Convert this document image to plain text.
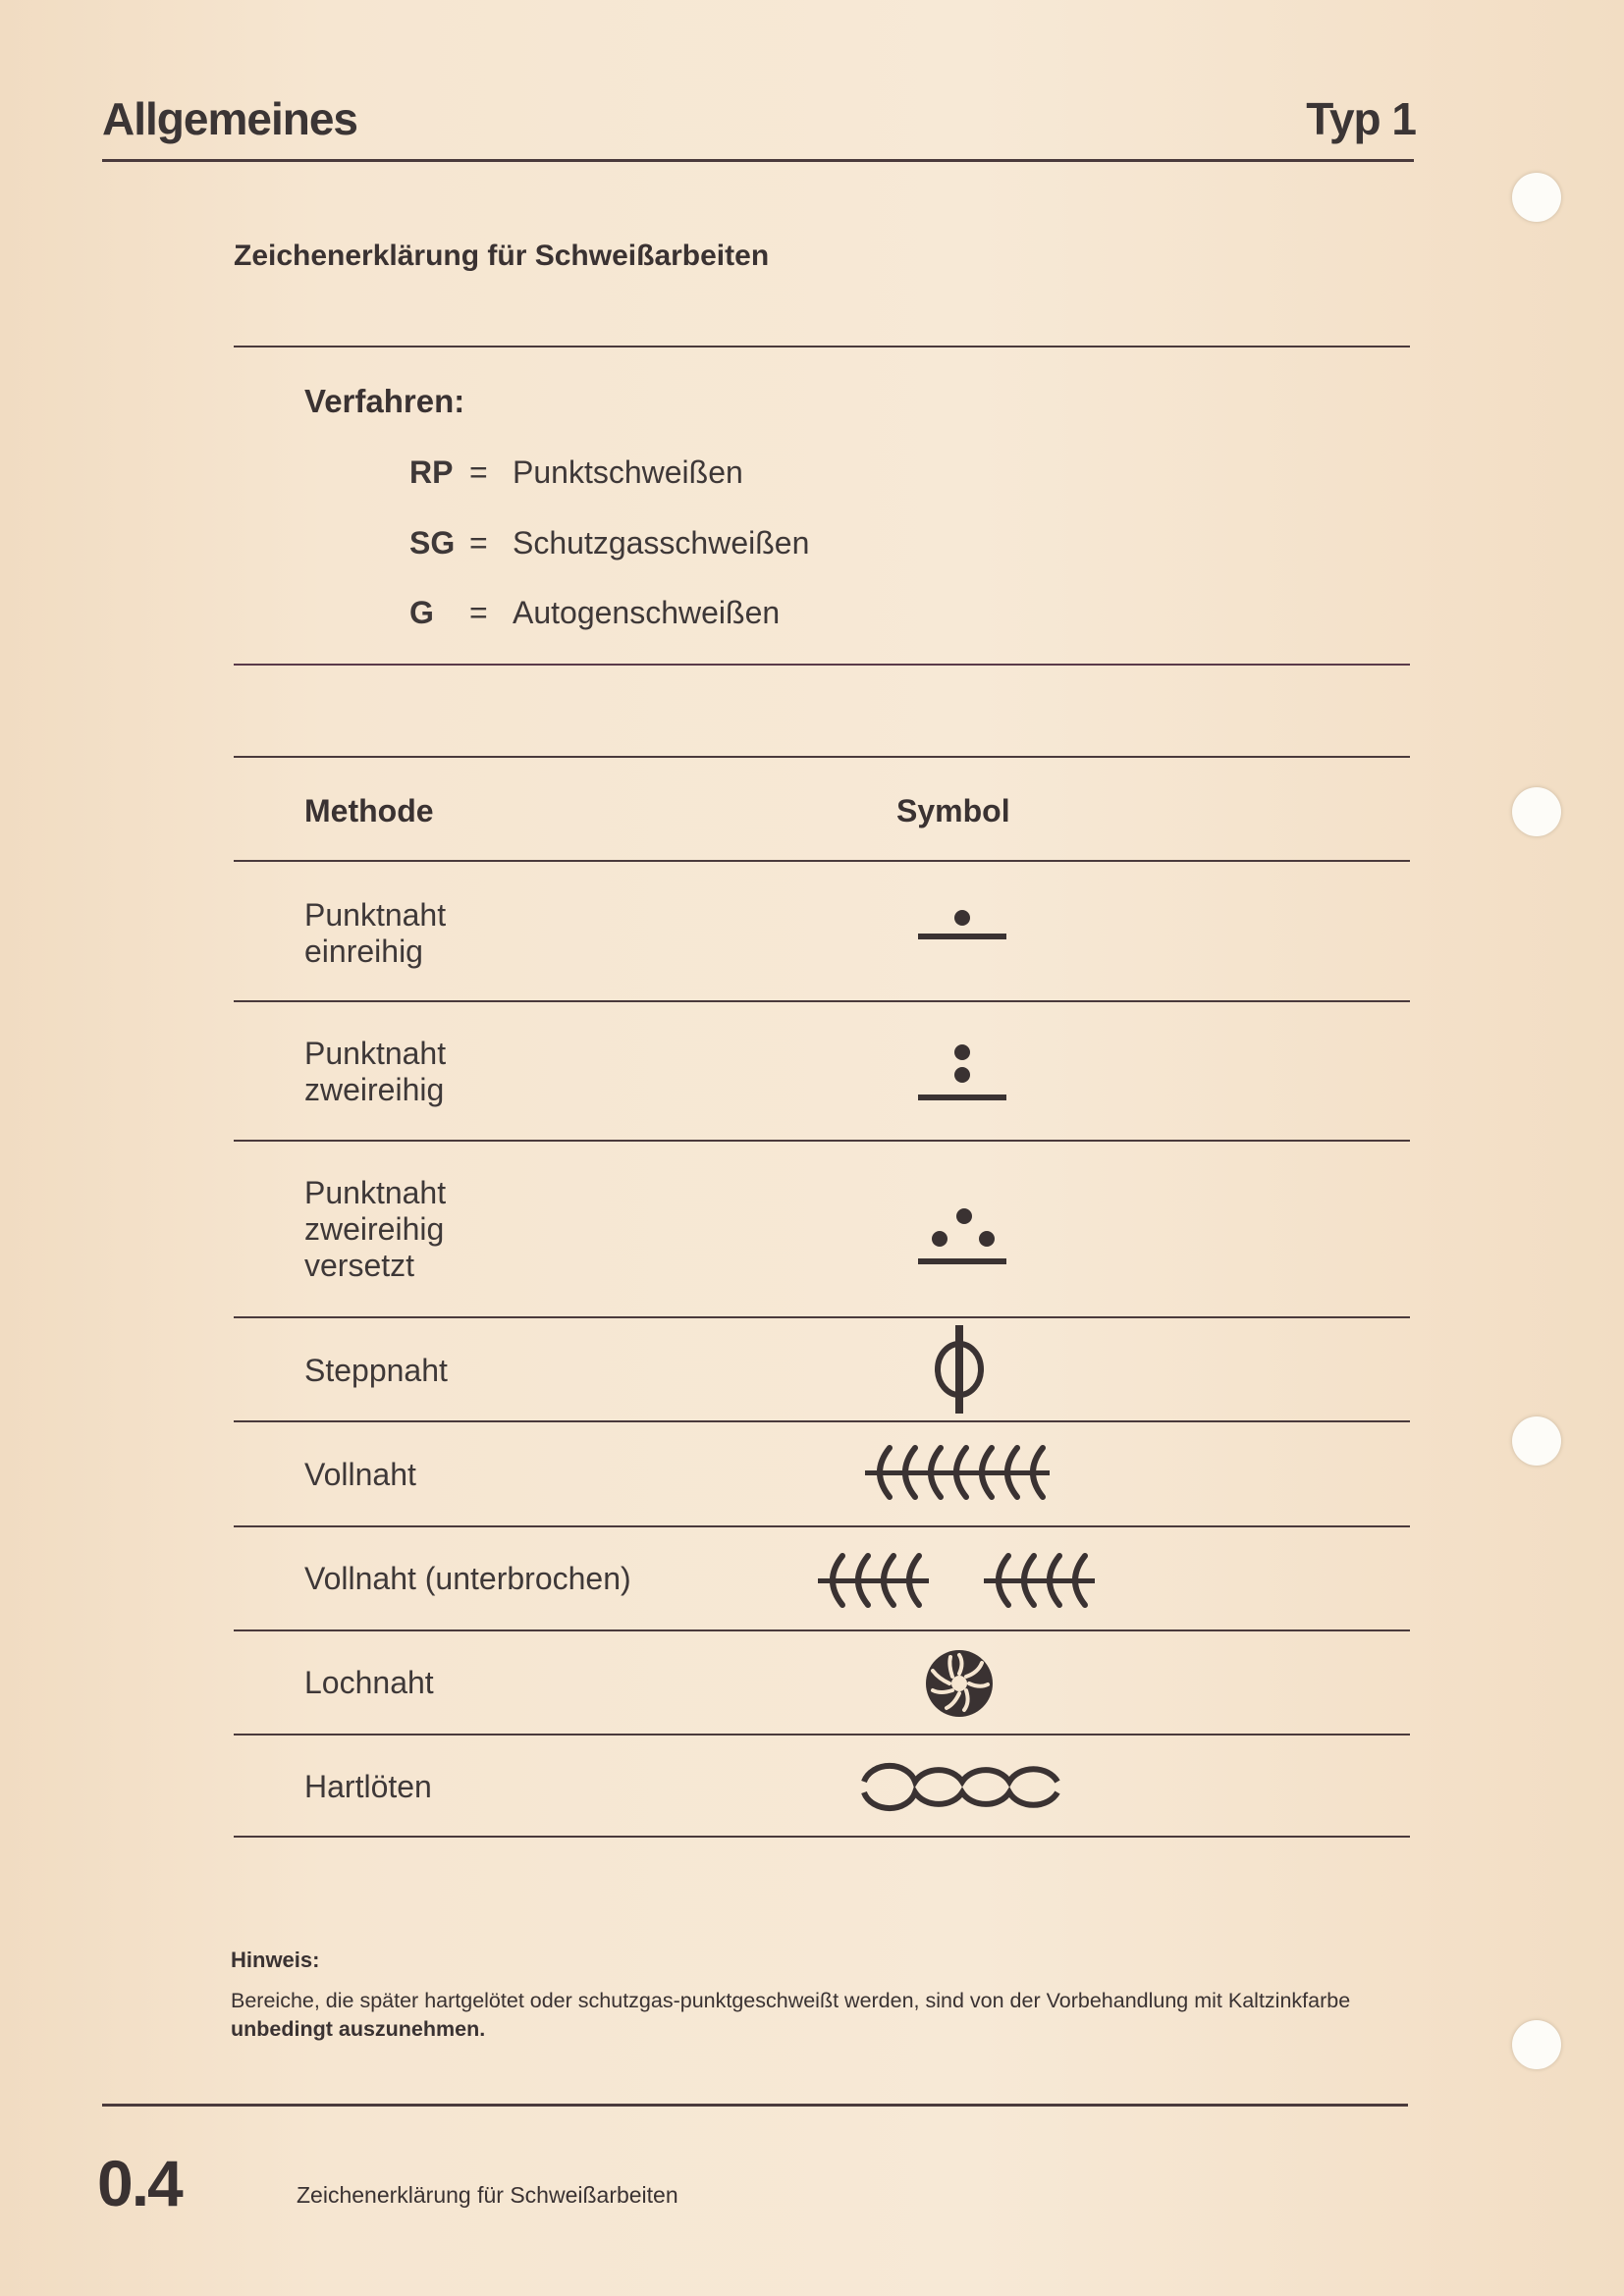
Allgemeines	Typ 1
Zeichenerklärung für Schweißarbeiten
Verfahren:
RP = Punktschweißen
SG = Schutzgasschweißen
G = Autogenschweißen
Methode	Symbol
Punktnaht einreihig
Punktnaht zweireihig
Punktnaht zweireihig versetzt
Steppnaht
Vollnaht
Vollnaht (unterbrochen)
Lochnaht
Hartlöten
Hinweis:
Bereiche, die später hartgelötet oder schutzgas-punktgeschweißt werden, sind von der Vorbehandlung mit Kaltzinkfarbe unbedingt auszunehmen.
0.4	Zeichenerklärung für Schweißarbeiten
